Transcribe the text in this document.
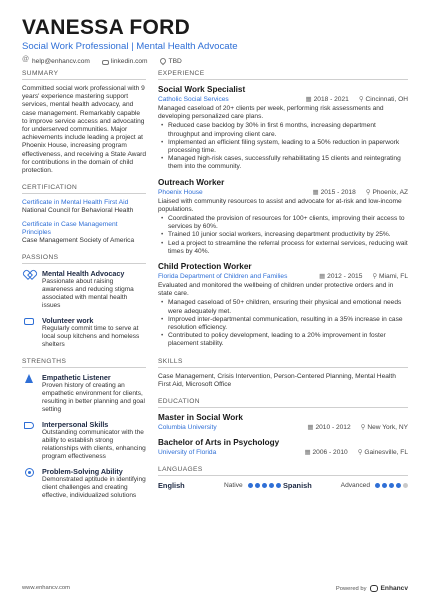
VANESSA FORD
Social Work Professional | Mental Health Advocate
@
help@enhancv.com	linkedin.com	TBD
SUMMARY
Committed social work professional with 9 years' experience mastering support services, mental health advocacy, and case management. Remarkably capable to improve service access and advocating for underserved communities. Major achievements include leading a project at Phoenix House, increasing program effectiveness, and receiving a State Award for contributions in the domain of child protection.
CERTIFICATION
Certificate in Mental Health First Aid
National Council for Behavioral Health
Certificate in Case Management Principles
Case Management Society of America
PASSIONS
Mental Health Advocacy
Passionate about raising awareness and reducing stigma associated with mental health issues
Volunteer work
Regularly commit time to serve at local soup kitchens and homeless shelters
STRENGTHS
Empathetic Listener
Proven history of creating an empathetic environment for clients, resulting in better planning and goal setting
Interpersonal Skills
Outstanding communicator with the ability to establish strong relationships with clients, enhancing program effectiveness
Problem-Solving Ability
Demonstrated aptitude in identifying client challenges and creating effective, individualized solutions
EXPERIENCE
Social Work Specialist
Catholic Social Services	▦ 2018 - 2021	⚲ Cincinnati, OH
Managed caseload of 20+ clients per week, performing risk assessments and developing personalized care plans.
• Reduced case backlog by 30% in first 6 months, increasing department throughput and improving client care.
• Implemented an efficient filing system, leading to a 50% reduction in paperwork processing time.
• Managed high-risk cases, successfully rehabilitating 15 clients and reintegrating them into the community.
Outreach Worker
Phoenix House	▦ 2015 - 2018	⚲ Phoenix, AZ
Liaised with community resources to assist and advocate for at-risk and low-income populations.
• Coordinated the provision of resources for 100+ clients, improving their access to services by 60%.
• Trained 10 junior social workers, increasing department productivity by 25%.
• Led a project to streamline the referral process for external services, reducing wait times by 40%.
Child Protection Worker
Florida Department of Children and Families	▦ 2012 - 2015	⚲ Miami, FL
Evaluated and monitored the wellbeing of children under protective orders and in state care.
• Managed caseload of 50+ children, ensuring their physical and emotional needs were adequately met.
• Improved inter-departmental communication, resulting in a 35% increase in case resolution efficiency.
• Contributed to policy development, leading to a 20% improvement in foster placement stability.
SKILLS
Case Management, Crisis Intervention, Person-Centered Planning, Mental Health First Aid, Microsoft Office
EDUCATION
Master in Social Work
Columbia University	▦ 2010 - 2012	⚲ New York, NY
Bachelor of Arts in Psychology
University of Florida	▦ 2006 - 2010	⚲ Gainesville, FL
LANGUAGES
English	Native	Spanish	Advanced
www.enhancv.com	Powered by Enhancv
